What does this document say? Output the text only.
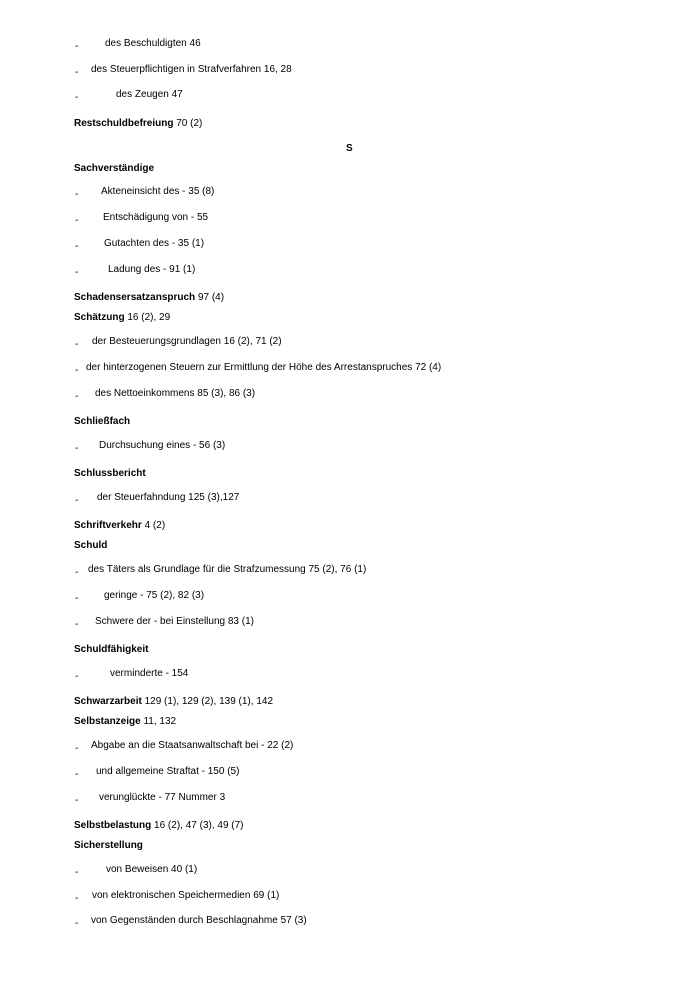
-	des Beschuldigten 46
- des Steuerpflichtigen in Strafverfahren 16, 28
-	des Zeugen 47
Restschuldbefreiung 70 (2)
S
Sachverständige
- Akteneinsicht des - 35 (8)
- Entschädigung von - 55
-	Gutachten des - 35 (1)
-	Ladung des - 91 (1)
Schadensersatzanspruch 97 (4)
Schätzung 16 (2), 29
- der Besteuerungsgrundlagen 16 (2), 71 (2)
- der hinterzogenen Steuern zur Ermittlung der Höhe des Arrestanspruches 72 (4)
- des Nettoeinkommens 85 (3), 86 (3)
Schließfach
- Durchsuchung eines - 56 (3)
Schlussbericht
- der Steuerfahndung 125 (3),127
Schriftverkehr 4 (2)
Schuld
- des Täters als Grundlage für die Strafzumessung 75 (2), 76 (1)
-	geringe - 75 (2), 82 (3)
- Schwere der - bei Einstellung 83 (1)
Schuldfähigkeit
-	verminderte - 154
Schwarzarbeit 129 (1), 129 (2), 139 (1), 142
Selbstanzeige 11, 132
- Abgabe an die Staatsanwaltschaft bei - 22 (2)
- und allgemeine Straftat - 150 (5)
- verunglückte - 77 Nummer 3
Selbstbelastung 16 (2), 47 (3), 49 (7)
Sicherstellung
-	von Beweisen 40 (1)
- von elektronischen Speichermedien 69 (1)
- von Gegenständen durch Beschlagnahme 57 (3)
